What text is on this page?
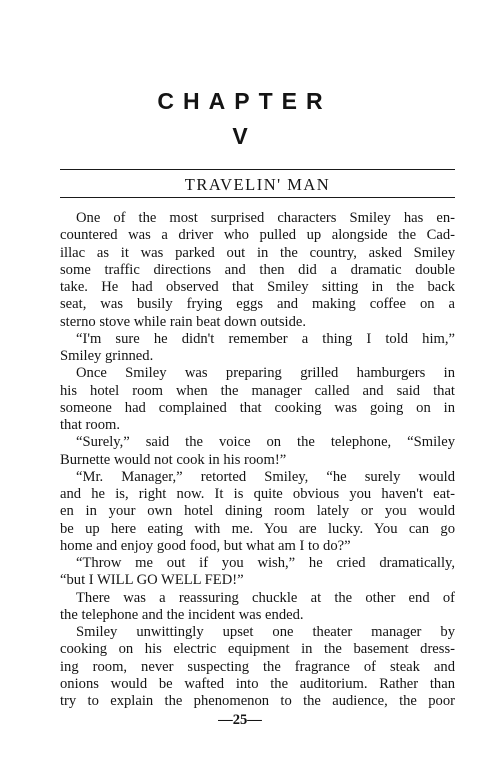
CHAPTER
V
TRAVELIN' MAN
One of the most surprised characters Smiley has en-
countered was a driver who pulled up alongside the Cad-
illac as it was parked out in the country, asked Smiley
some traffic directions and then did a dramatic double
take. He had observed that Smiley sitting in the back
seat, was busily frying eggs and making coffee on a
sterno stove while rain beat down outside.
“I'm sure he didn't remember a thing I told him,”
Smiley grinned.
Once Smiley was preparing grilled hamburgers in
his hotel room when the manager called and said that
someone had complained that cooking was going on in
that room.
“Surely,” said the voice on the telephone, “Smiley
Burnette would not cook in his room!”
“Mr. Manager,” retorted Smiley, “he surely would
and he is, right now. It is quite obvious you haven't eat-
en in your own hotel dining room lately or you would
be up here eating with me. You are lucky. You can go
home and enjoy good food, but what am I to do?”
“Throw me out if you wish,” he cried dramatically,
“but I WILL GO WELL FED!”
There was a reassuring chuckle at the other end of
the telephone and the incident was ended.
Smiley unwittingly upset one theater manager by
cooking on his electric equipment in the basement dress-
ing room, never suspecting the fragrance of steak and
onions would be wafted into the auditorium. Rather than
try to explain the phenomenon to the audience, the poor
—25—
